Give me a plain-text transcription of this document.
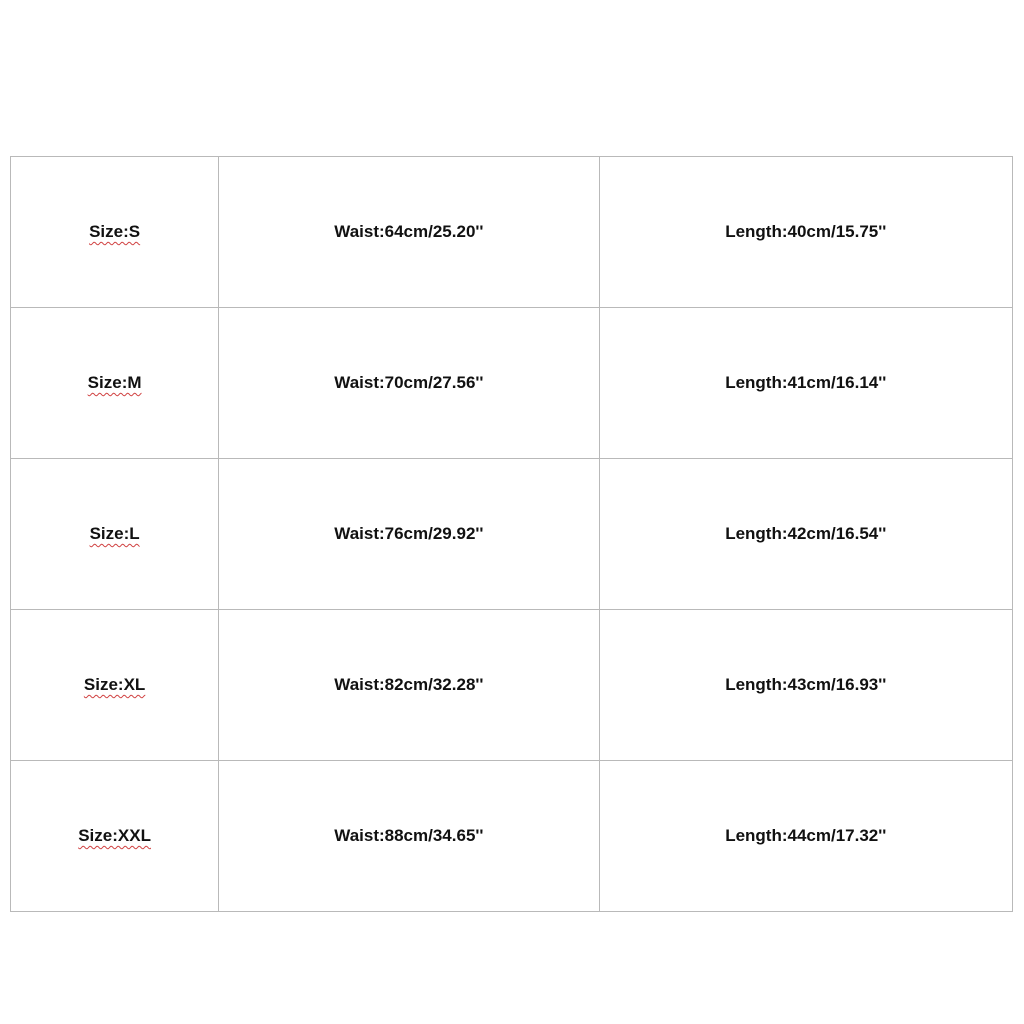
Size:S	Waist:64cm/25.20''	Length:40cm/15.75''
Size:M	Waist:70cm/27.56''	Length:41cm/16.14''
Size:L	Waist:76cm/29.92''	Length:42cm/16.54''
Size:XL	Waist:82cm/32.28''	Length:43cm/16.93''
Size:XXL	Waist:88cm/34.65''	Length:44cm/17.32''
